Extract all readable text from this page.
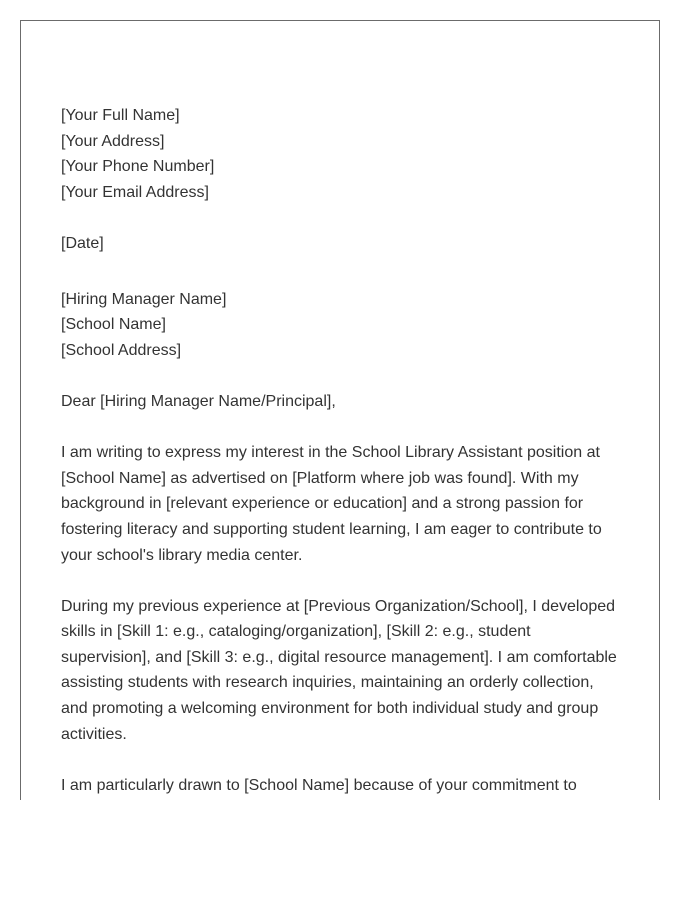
[Your Full Name]
[Your Address]
[Your Phone Number]
[Your Email Address]
[Date]
[Hiring Manager Name]
[School Name]
[School Address]
Dear [Hiring Manager Name/Principal],
I am writing to express my interest in the School Library Assistant position at
[School Name] as advertised on [Platform where job was found]. With my
background in [relevant experience or education] and a strong passion for
fostering literacy and supporting student learning, I am eager to contribute to
your school's library media center.
During my previous experience at [Previous Organization/School], I developed
skills in [Skill 1: e.g., cataloging/organization], [Skill 2: e.g., student
supervision], and [Skill 3: e.g., digital resource management]. I am comfortable
assisting students with research inquiries, maintaining an orderly collection,
and promoting a welcoming environment for both individual study and group
activities.
I am particularly drawn to [School Name] because of your commitment to
